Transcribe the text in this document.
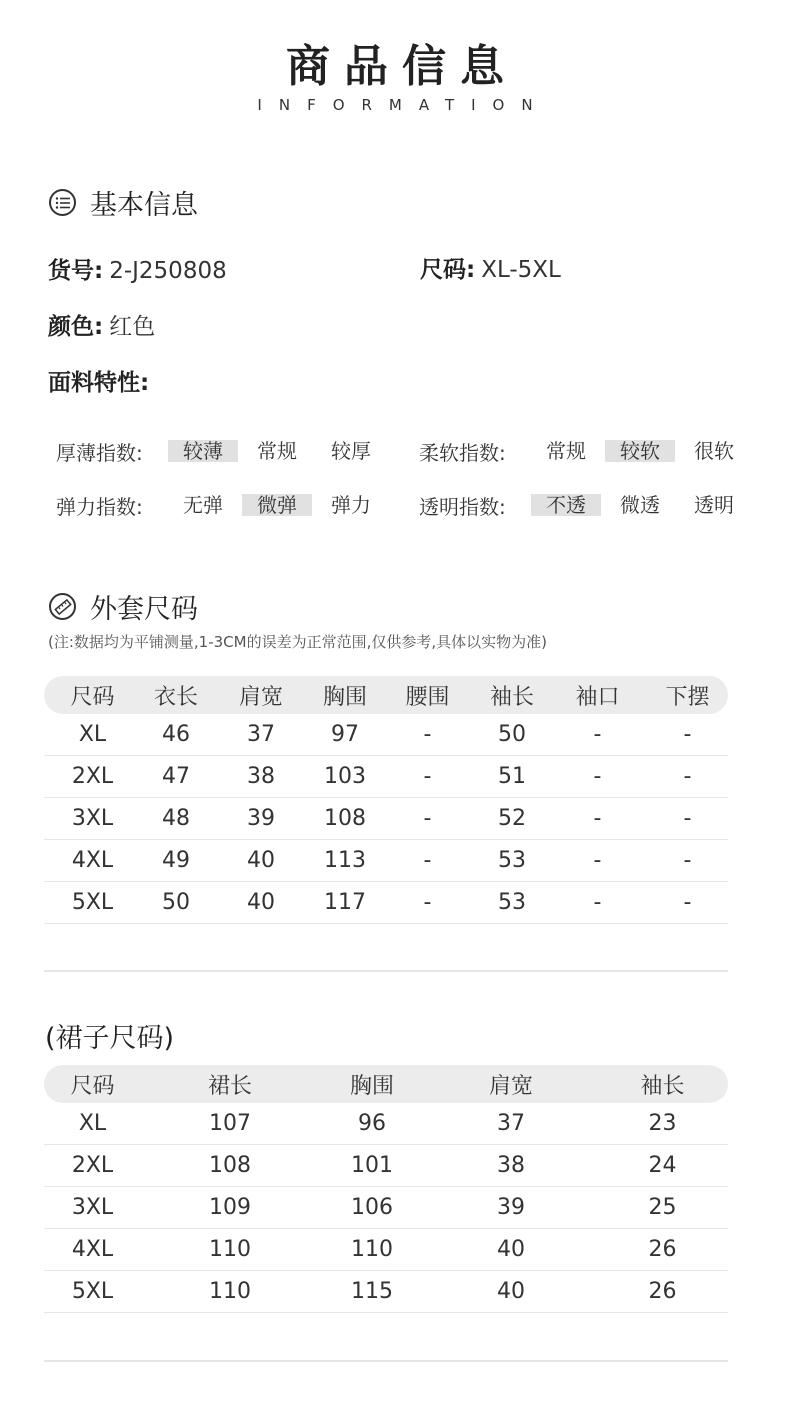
商品信息
INFORMATION
基本信息
货号: 2-J250808	尺码: XL-5XL
颜色: 红色
面料特性:
厚薄指数:	较薄	常规	较厚	柔软指数:	常规	较软	很软
弹力指数:	无弹	微弹	弹力	透明指数:	不透	微透	透明
外套尺码
(注:数据均为平铺测量,1-3CM的误差为正常范围,仅供参考,具体以实物为准)
尺码	衣长	肩宽	胸围	腰围	袖长	袖口	下摆
XL	46	37	97	-	50	-	-
2XL	47	38	103	-	51	-	-
3XL	48	39	108	-	52	-	-
4XL	49	40	113	-	53	-	-
5XL	50	40	117	-	53	-	-
(裙子尺码)
尺码	裙长	胸围	肩宽	袖长
XL	107	96	37	23
2XL	108	101	38	24
3XL	109	106	39	25
4XL	110	110	40	26
5XL	110	115	40	26
